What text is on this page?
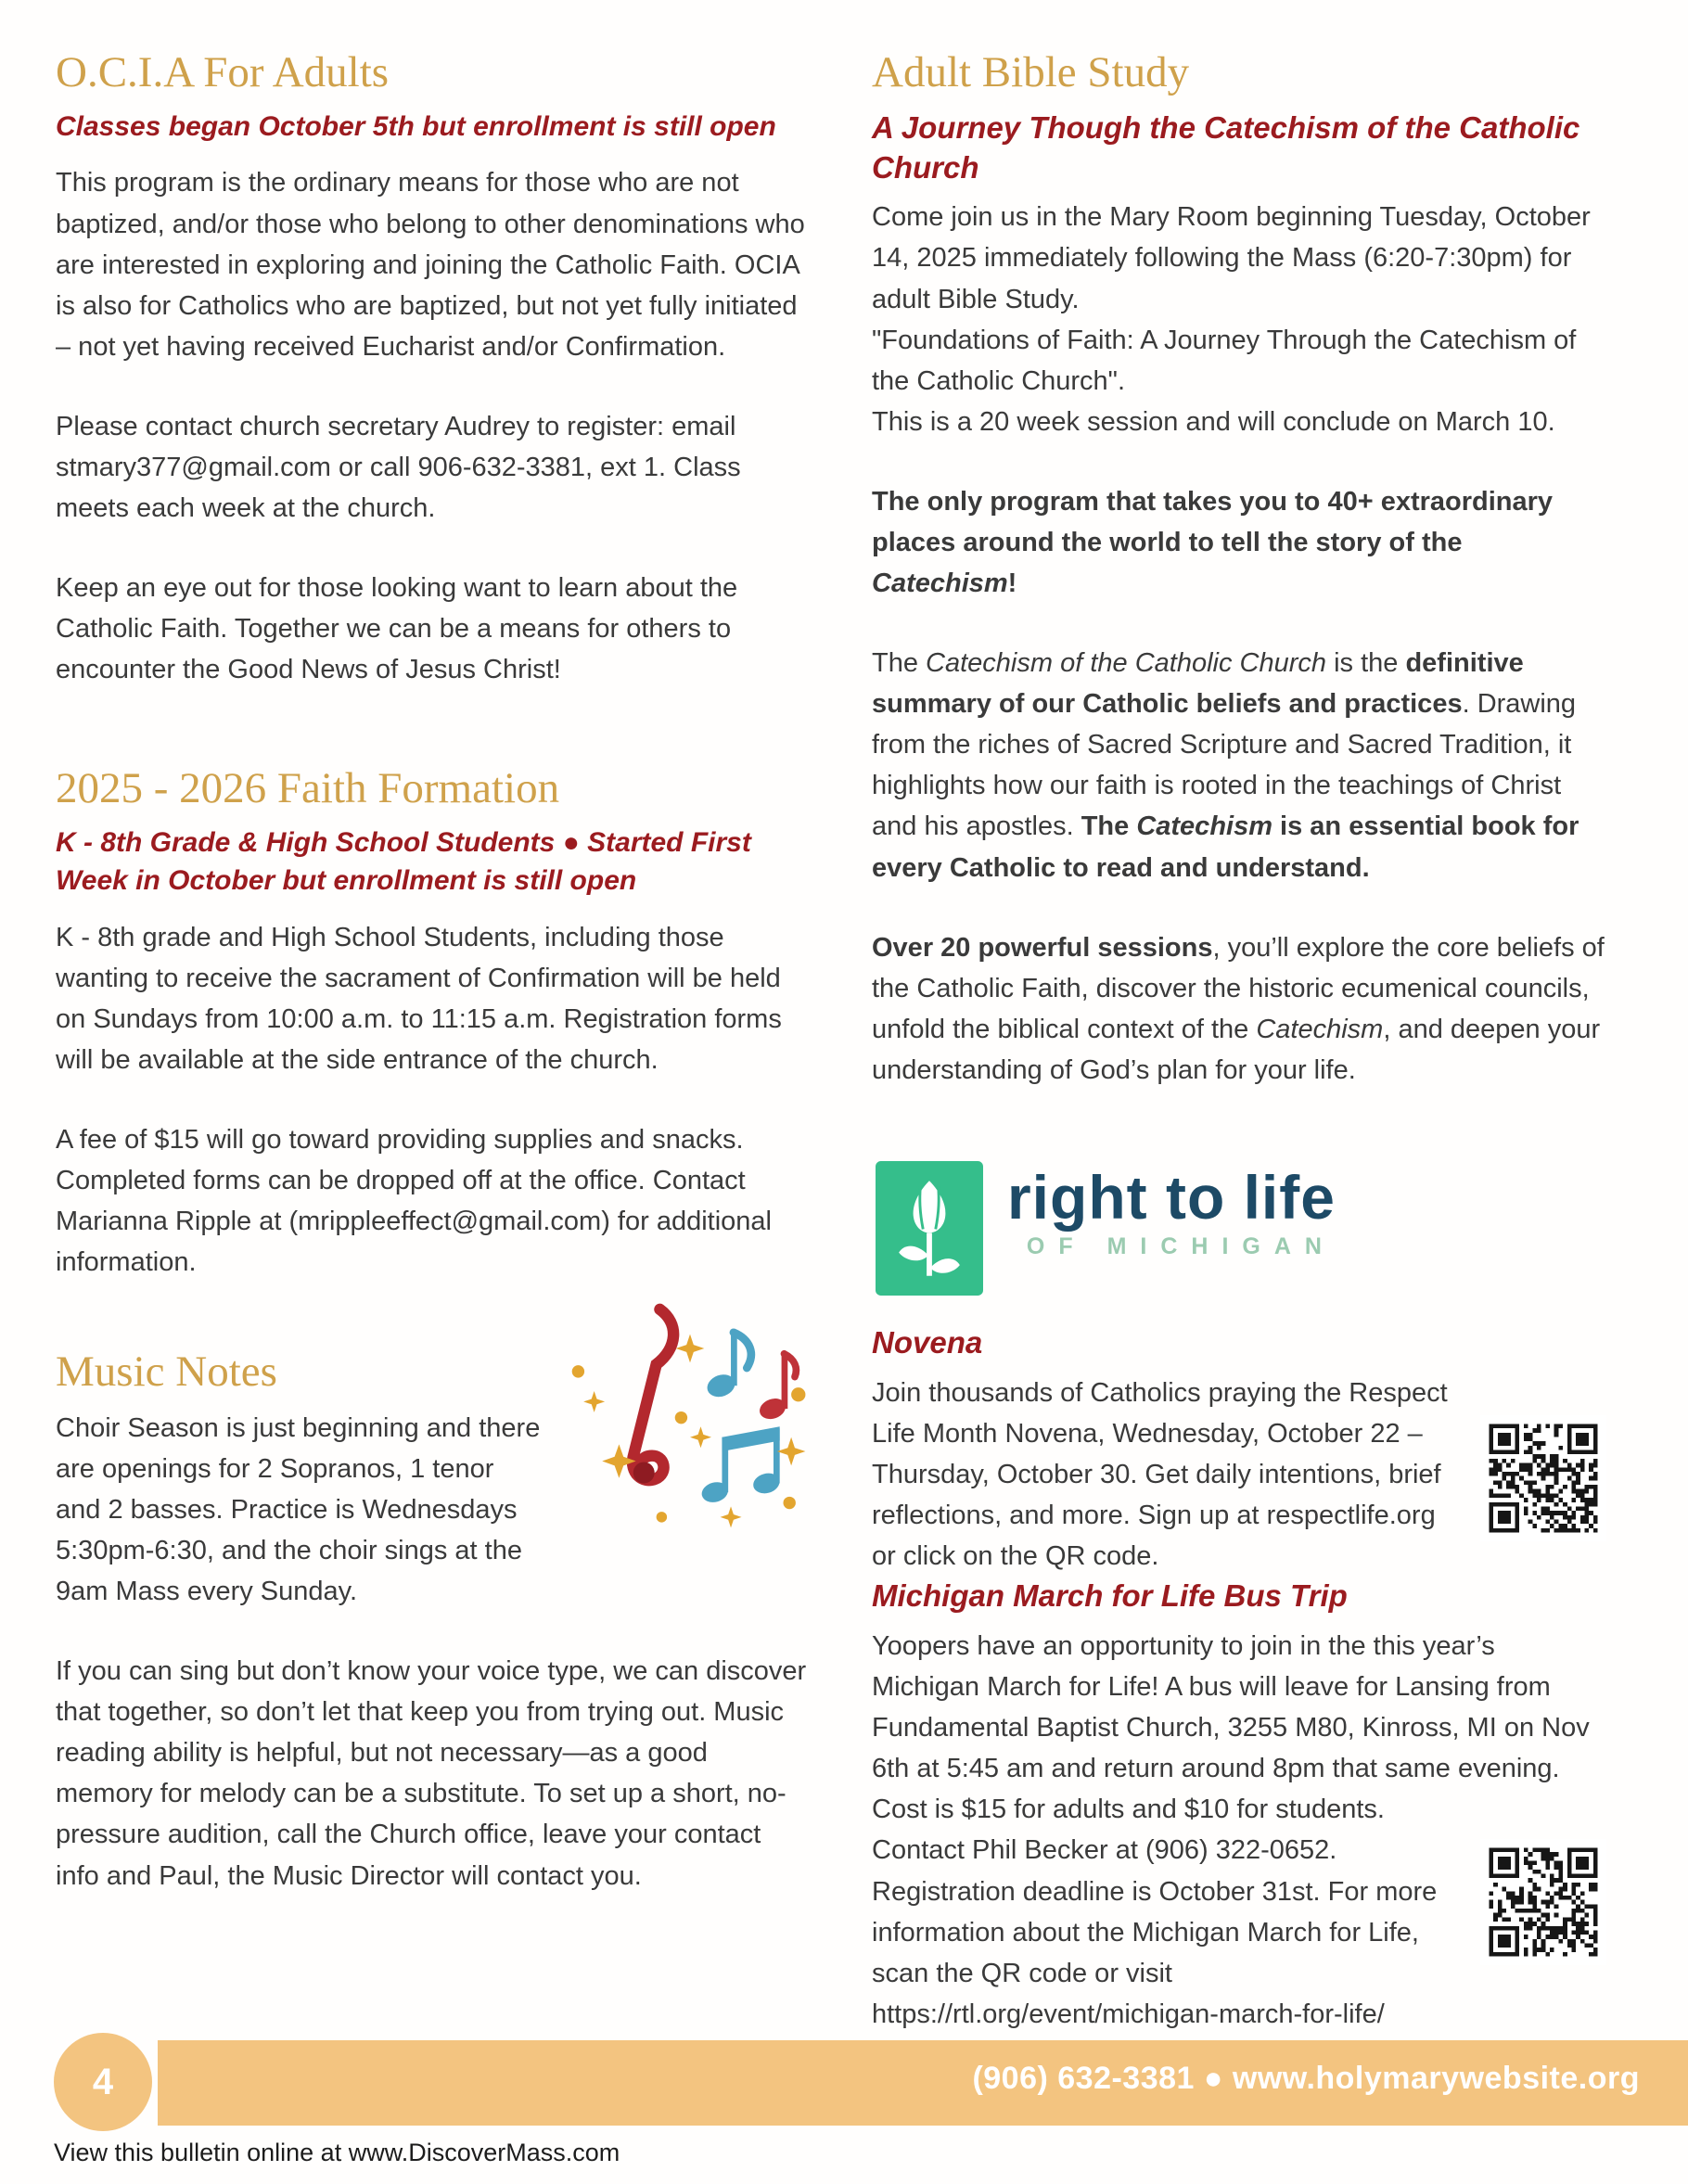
O.C.I.A For Adults
Classes began October 5th but enrollment is still open

This program is the ordinary means for those who are not baptized, and/or those who belong to other denominations who are interested in exploring and joining the Catholic Faith. OCIA is also for Catholics who are baptized, but not yet fully initiated – not yet having received Eucharist and/or Confirmation.

Please contact church secretary Audrey to register: email stmary377@gmail.com or call 906-632-3381, ext 1. Class meets each week at the church.

Keep an eye out for those looking want to learn about the Catholic Faith. Together we can be a means for others to encounter the Good News of Jesus Christ!

2025 - 2026 Faith Formation
K - 8th Grade & High School Students ● Started First Week in October but enrollment is still open

K - 8th grade and High School Students, including those wanting to receive the sacrament of Confirmation will be held on Sundays from 10:00 a.m. to 11:15 a.m. Registration forms will be available at the side entrance of the church.

A fee of $15 will go toward providing supplies and snacks. Completed forms can be dropped off at the office. Contact Marianna Ripple at (mrippleeffect@gmail.com) for additional information.

Music Notes

Choir Season is just beginning and there are openings for 2 Sopranos, 1 tenor and 2 basses. Practice is Wednesdays 5:30pm-6:30, and the choir sings at the 9am Mass every Sunday.

If you can sing but don’t know your voice type, we can discover that together, so don’t let that keep you from trying out. Music reading ability is helpful, but not necessary—as a good memory for melody can be a substitute. To set up a short, no-pressure audition, call the Church office, leave your contact info and Paul, the Music Director will contact you.

Adult Bible Study
A Journey Though the Catechism of the Catholic Church
Come join us in the Mary Room beginning Tuesday, October 14, 2025 immediately following the Mass (6:20-7:30pm) for adult Bible Study.
"Foundations of Faith: A Journey Through the Catechism of the Catholic Church".
This is a 20 week session and will conclude on March 10.

The only program that takes you to 40+ extraordinary places around the world to tell the story of the Catechism!

The Catechism of the Catholic Church is the definitive summary of our Catholic beliefs and practices. Drawing from the riches of Sacred Scripture and Sacred Tradition, it highlights how our faith is rooted in the teachings of Christ and his apostles. The Catechism is an essential book for every Catholic to read and understand.

Over 20 powerful sessions, you’ll explore the core beliefs of the Catholic Faith, discover the historic ecumenical councils, unfold the biblical context of the Catechism, and deepen your understanding of God’s plan for your life.

right to life
OF MICHIGAN
Novena
Join thousands of Catholics praying the Respect Life Month Novena, Wednesday, October 22 – Thursday, October 30. Get daily intentions, brief reflections, and more. Sign up at respectlife.org or click on the QR code.
Michigan March for Life Bus Trip
Yoopers have an opportunity to join in the this year’s Michigan March for Life! A bus will leave for Lansing from Fundamental Baptist Church, 3255 M80, Kinross, MI on Nov 6th at 5:45 am and return around 8pm that same evening. Cost is $15 for adults and $10 for students.
Contact Phil Becker at (906) 322-0652. Registration deadline is October 31st. For more information about the Michigan March for Life, scan the QR code or visit https://rtl.org/event/michigan-march-for-life/
4	(906) 632-3381 ● www.holymarywebsite.org
View this bulletin online at www.DiscoverMass.com
